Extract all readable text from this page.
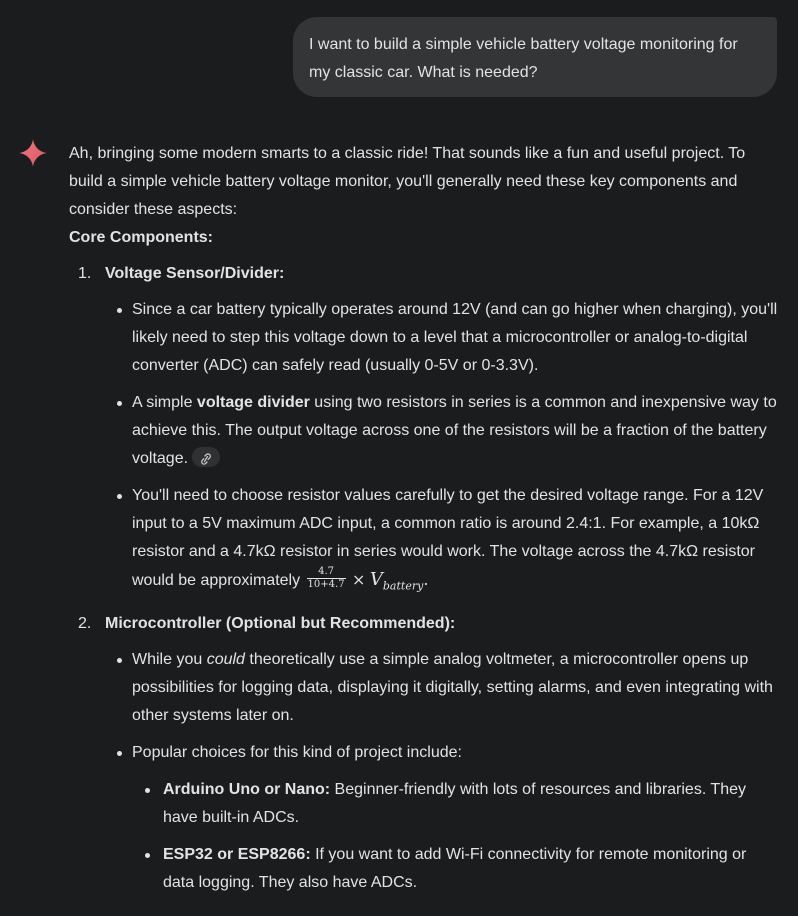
I want to build a simple vehicle battery voltage monitoring for my classic car. What is needed?

Ah, bringing some modern smarts to a classic ride! That sounds like a fun and useful project. To build a simple vehicle battery voltage monitor, you'll generally need these key components and consider these aspects:

Core Components:

1. Voltage Sensor/Divider:
Since a car battery typically operates around 12V (and can go higher when charging), you'll likely need to step this voltage down to a level that a microcontroller or analog-to-digital converter (ADC) can safely read (usually 0-5V or 0-3.3V).
A simple voltage divider using two resistors in series is a common and inexpensive way to achieve this. The output voltage across one of the resistors will be a fraction of the battery voltage.
You'll need to choose resistor values carefully to get the desired voltage range. For a 12V input to a 5V maximum ADC input, a common ratio is around 2.4:1. For example, a 10kΩ resistor and a 4.7kΩ resistor in series would work. The voltage across the 4.7kΩ resistor would be approximately $\frac{4.7}{10+4.7} \times V_{battery}$.
2. Microcontroller (Optional but Recommended):
While you could theoretically use a simple analog voltmeter, a microcontroller opens up possibilities for logging data, displaying it digitally, setting alarms, and even integrating with other systems later on.
Popular choices for this kind of project include:
Arduino Uno or Nano: Beginner-friendly with lots of resources and libraries. They have built-in ADCs.
ESP32 or ESP8266: If you want to add Wi-Fi connectivity for remote monitoring or data logging. They also have ADCs.
